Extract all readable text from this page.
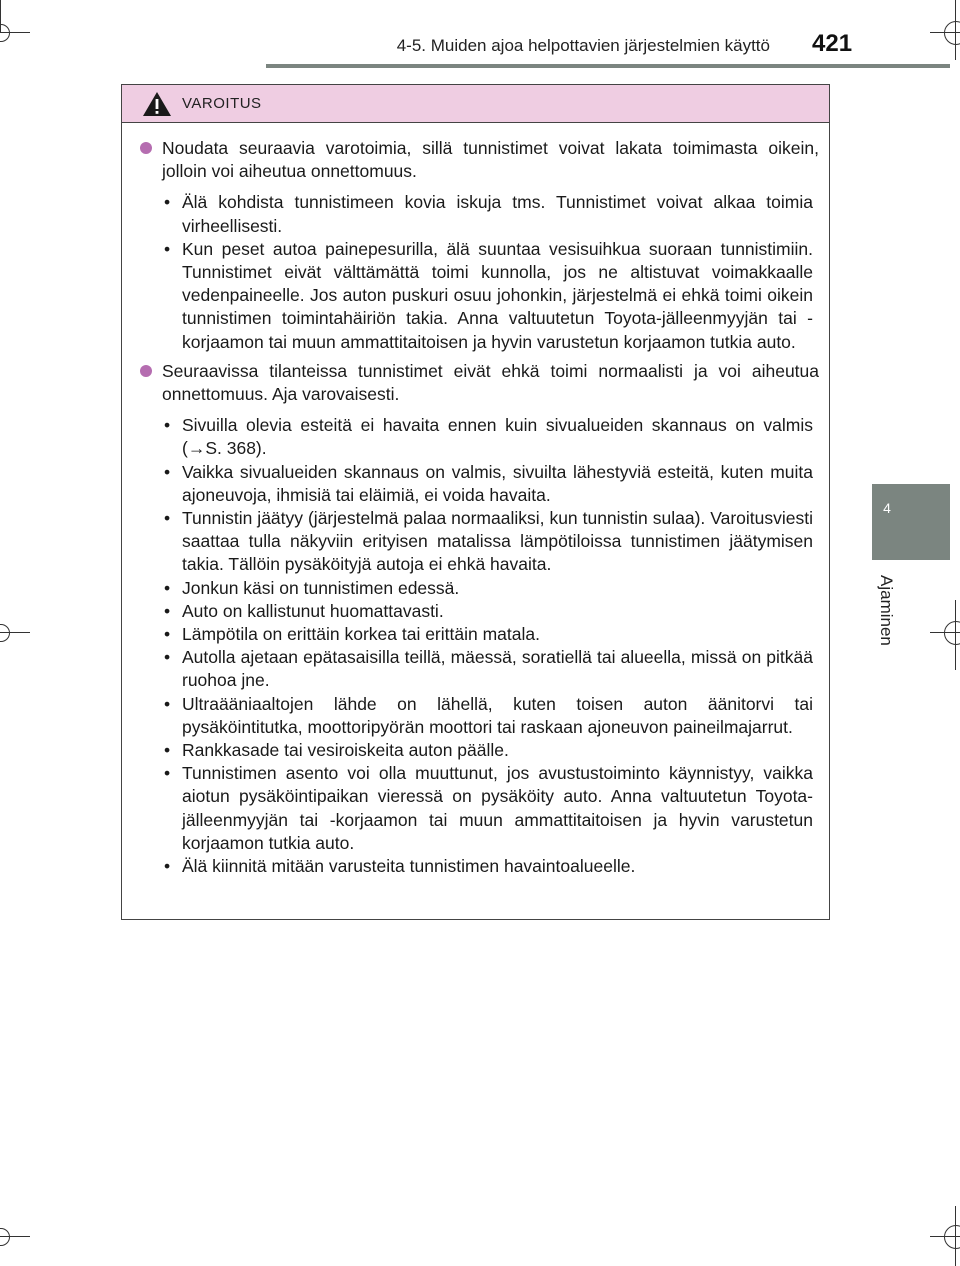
4-5. Muiden ajoa helpottavien järjestelmien käyttö 421
4
Ajaminen
VAROITUS
Noudata seuraavia varotoimia, sillä tunnistimet voivat lakata toimimasta oikein, jolloin voi aiheutua onnettomuus.
• Älä kohdista tunnistimeen kovia iskuja tms. Tunnistimet voivat alkaa toimia virheellisesti.
• Kun peset autoa painepesurilla, älä suuntaa vesisuihkua suoraan tunnistimiin. Tunnistimet eivät välttämättä toimi kunnolla, jos ne altistuvat voimakkaalle vedenpaineelle. Jos auton puskuri osuu johonkin, järjestelmä ei ehkä toimi oikein tunnistimen toimintahäiriön takia. Anna valtuutetun Toyota-jälleenmyyjän tai -korjaamon tai muun ammattitaitoisen ja hyvin varustetun korjaamon tutkia auto.
Seuraavissa tilanteissa tunnistimet eivät ehkä toimi normaalisti ja voi aiheutua onnettomuus. Aja varovaisesti.
• Sivuilla olevia esteitä ei havaita ennen kuin sivualueiden skannaus on valmis (→S. 368).
• Vaikka sivualueiden skannaus on valmis, sivuilta lähestyviä esteitä, kuten muita ajoneuvoja, ihmisiä tai eläimiä, ei voida havaita.
• Tunnistin jäätyy (järjestelmä palaa normaaliksi, kun tunnistin sulaa). Varoitusviesti saattaa tulla näkyviin erityisen matalissa lämpötiloissa tunnistimen jäätymisen takia. Tällöin pysäköityjä autoja ei ehkä havaita.
• Jonkun käsi on tunnistimen edessä.
• Auto on kallistunut huomattavasti.
• Lämpötila on erittäin korkea tai erittäin matala.
• Autolla ajetaan epätasaisilla teillä, mäessä, soratiellä tai alueella, missä on pitkää ruohoa jne.
• Ultraääniaaltojen lähde on lähellä, kuten toisen auton äänitorvi tai pysäköintitutka, moottoripyörän moottori tai raskaan ajoneuvon paineilmajarrut.
• Rankkasade tai vesiroiskeita auton päälle.
• Tunnistimen asento voi olla muuttunut, jos avustustoiminto käynnistyy, vaikka aiotun pysäköintipaikan vieressä on pysäköity auto. Anna valtuutetun Toyota-jälleenmyyjän tai -korjaamon tai muun ammattitaitoisen ja hyvin varustetun korjaamon tutkia auto.
• Älä kiinnitä mitään varusteita tunnistimen havaintoalueelle.
